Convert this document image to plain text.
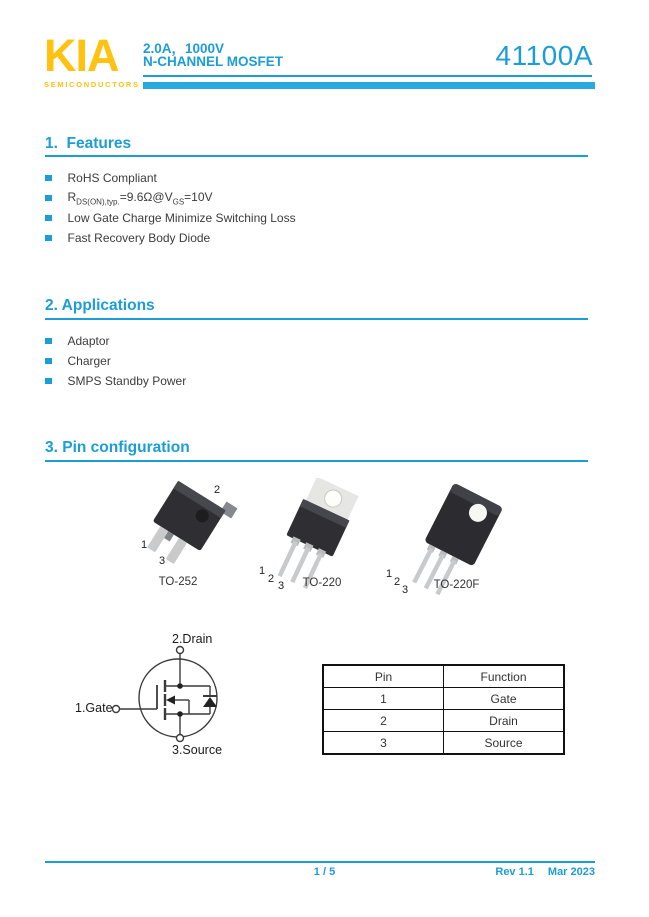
KIA
SEMICONDUCTORS
2.0A，1000V
N-CHANNEL MOSFET	41100A
1.  Features
RoHS Compliant
$R_{DS(ON),typ.}=9.6\Omega@V_{GS}=10V$
Low Gate Charge Minimize Switching Loss
Fast Recovery Body Diode
2. Applications
Adaptor
Charger
SMPS Standby Power
3. Pin configuration
1
2
3
TO-252
1
2
3	TO-220
1
2
3	TO-220F
2.Drain
1.Gate
3.Source
Pin	Function
1	Gate
2	Drain
3	Source
1 / 5	Rev 1.1 Mar 2023
